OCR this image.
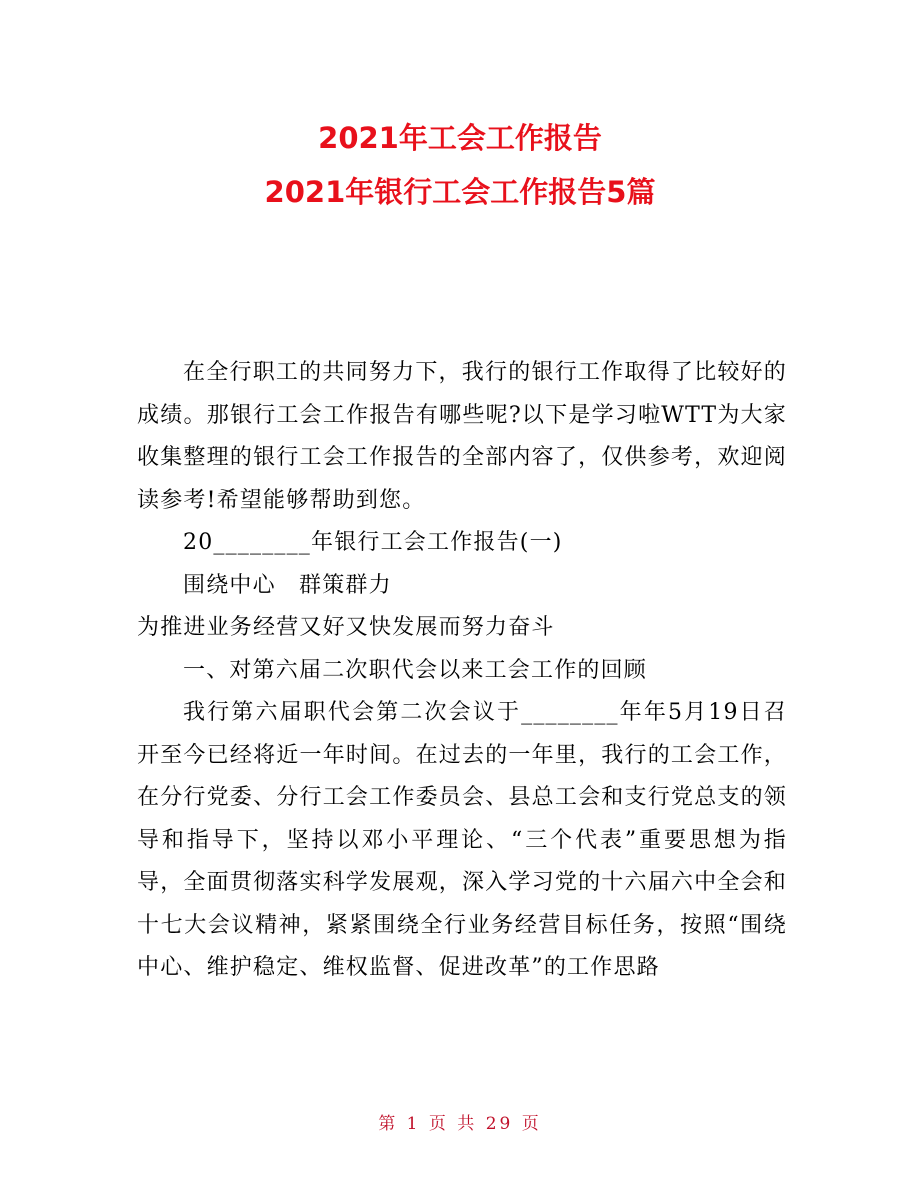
2021年工会工作报告
2021年银行工会工作报告5篇

在全行职工的共同努力下，我行的银行工作取得了比较好的成绩。那银行工会工作报告有哪些呢?以下是学习啦WTT为大家收集整理的银行工会工作报告的全部内容了，仅供参考，欢迎阅读参考!希望能够帮助到您。

20________年银行工会工作报告(一)

围绕中心　群策群力

为推进业务经营又好又快发展而努力奋斗

一、对第六届二次职代会以来工会工作的回顾

我行第六届职代会第二次会议于________年年5月19日召开至今已经将近一年时间。在过去的一年里，我行的工会工作，在分行党委、分行工会工作委员会、县总工会和支行党总支的领导和指导下，坚持以邓小平理论、“三个代表”重要思想为指导，全面贯彻落实科学发展观，深入学习党的十六届六中全会和十七大会议精神，紧紧围绕全行业务经营目标任务，按照“围绕中心、维护稳定、维权监督、促进改革”的工作思路

第 1 页 共 29 页
